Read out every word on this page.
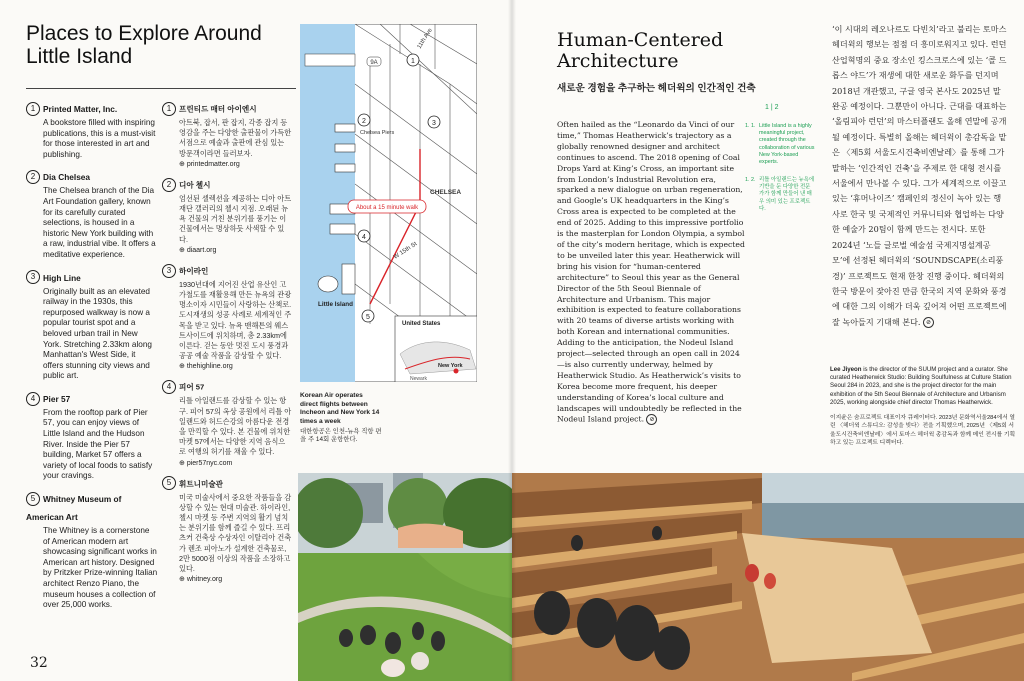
Places to Explore Around Little Island
1 Printed Matter, Inc.
A bookstore filled with inspiring publications, this is a must-visit for those interested in art and publishing.
2 Dia Chelsea
The Chelsea branch of the Dia Art Foundation gallery, known for its carefully curated selections, is housed in a historic New York building with a raw, industrial vibe. It offers a meditative experience.
3 High Line
Originally built as an elevated railway in the 1930s, this repurposed walkway is now a popular tourist spot and a beloved urban trail in New York. Stretching 2.33km along Manhattan's West Side, it offers stunning city views and public art.
4 Pier 57
From the rooftop park of Pier 57, you can enjoy views of Little Island and the Hudson River. Inside the Pier 57 building, Market 57 offers a variety of local foods to satisfy your cravings.
5 Whitney Museum of American Art
The Whitney is a cornerstone of American modern art showcasing significant works in American art history. Designed by Pritzker Prize-winning Italian architect Renzo Piano, the museum houses a collection of over 25,000 works.
1 프린티드 매터 아이엔시
아트북, 잡서, 판 잡지, 각종 잡지 등 영감을 주는 다양한 출판물이 가득한 서점으로 예술과 출판에 관심 있는 방문객이라면 들러보자.
⊕ printedmatter.org
2 디아 첼시
엄선된 셀렉션을 제공하는 디아 아트 재단 갤러리의 첼시 지점. 오래된 뉴욕 건물의 거친 분위기를 풍기는 이 건물에서는 명상하듯 사색할 수 있다.
⊕ diaart.org
3 하이라인
1930년대에 지어진 산업 유산인 고가철도를 재활용해 만든 뉴욕의 관광 명소이자 시민들이 사랑하는 산책로. 도시재생의 성공 사례로 세계적인 주목을 받고 있다. 뉴욕 맨해튼의 웨스트사이드에 위치하며, 총 2.33km에 이른다. 걷는 동안 멋진 도시 풍경과 공공 예술 작품을 감상할 수 있다.
⊕ thehighline.org
4 피어 57
리틀 아일랜드를 감상할 수 있는 항구. 피어 57의 옥상 공원에서 리틀 아일랜드와 허드슨강의 아름다운 전경을 만끽할 수 있다. 본 건물에 위치한 마켓 57에서는 다양한 지역 음식으로 여행의 허기를 채울 수 있다.
⊕ pier57nyc.com
5 휘트니미술관
미국 미술사에서 중요한 작품들을 감상할 수 있는 현대 미술관. 하이라인, 첼시 마켓 등 주변 지역의 활기 넘치는 분위기를 함께 즐길 수 있다. 프리츠커 건축상 수상자인 이탈리아 건축가 렌조 피아노가 설계한 건축물로, 2만 5000점 이상의 작품을 소장하고 있다.
⊕ whitney.org
About a 15 minute walk
11th Ave
9A
Chelsea Piers
CHELSEA
W 15th St
Little Island
1
2	3
4
5
United States
New York
Newark
Korean Air operates direct flights between Incheon and New York 14 times a week
대한항공은 인천-뉴욕 직항 편을 주 14회 운항한다.
32
Human-Centered
Architecture
새로운 경험을 추구하는 헤더윅의 인간적인 건축
Often hailed as the “Leonardo da Vinci of our time,” Thomas Heatherwick’s trajectory as a globally renowned designer and architect continues to ascend. The 2018 opening of Coal Drops Yard at King’s Cross, an important site from London’s Industrial Revolution era, sparked a new dialogue on urban regeneration, and Google’s UK headquarters in the King’s Cross area is expected to be completed at the end of 2025. Adding to this impressive portfolio is the masterplan for London Olympia, a symbol of the city’s modern heritage, which is expected to be unveiled later this year. Heatherwick will bring his vision for “human-centered architecture” to Seoul this year as the General Director of the 5th Seoul Biennale of Architecture and Urbanism. This major exhibition is expected to feature collaborations with 20 teams of diverse artists working with both Korean and international communities. Adding to the anticipation, the Nodeul Island project—selected through an open call in 2024—is also currently underway, helmed by Heatherwick Studio. As Heatherwick’s visits to Korea become more frequent, his deeper understanding of Korea’s local culture and landscapes will undoubtedly be reflected in the Nodeul Island project. ⊘
1 | 2
1. 1. Little Island is a highly meaningful project, created through the collaboration of various New York-based experts.
1. 2. 리틀 아일랜드는 뉴욕에 기반을 둔 다양한 전문가가 함께 만들어 낸 매우 의미 있는 프로젝트다.
‘이 시대의 레오나르도 다빈치’라고 불리는 토마스 헤더윅의 행보는 점점 더 흥미로워지고 있다. 런던 산업혁명의 중요 장소인 킹스크로스에 있는 ‘콜 드롭스 야드’가 재생에 대한 새로운 화두를 던지며 2018년 개관했고, 구글 영국 본사도 2025년 말 완공 예정이다. 그뿐만이 아니다. 근대를 대표하는 ‘올림피아 런던’의 마스터플랜도 올해 연말에 공개될 예정이다. 특별히 올해는 헤더윅이 총감독을 맡은 〈제5회 서울도시건축비엔날레〉를 통해 그가 말하는 ‘인간적인 건축’을 주제로 한 대형 전시를 서울에서 만나볼 수 있다. 그가 세계적으로 이끌고 있는 ‘휴머나이즈’ 캠페인의 정신이 녹아 있는 행사로 한국 및 국제적인 커뮤니티와 협업하는 다양한 예술가 20팀이 함께 만드는 전시다. 또한 2024년 ‘노들 글로벌 예술섬 국제지명설계공모’에 선정된 헤더윅의 ‘SOUNDSCAPE(소리풍경)’ 프로젝트도 현재 한창 진행 중이다. 헤더윅의 한국 방문이 잦아진 만큼 한국의 지역 문화와 풍경에 대한 그의 이해가 더욱 깊어져 어떤 프로젝트에 잘 녹아들지 기대해 본다. ⊘
Lee Jiyeon is the director of the SUUM project and a curator. She curated Heatherwick Studio: Building Soulfulness at Culture Station Seoul 284 in 2023, and she is the project director for the main exhibition of the 5th Seoul Biennale of Architecture and Urbanism 2025, working alongside chief director Thomas Heatherwick.
이지윤은 숨프로젝트 대표이자 큐레이터다. 2023년 문화역서울284에서 열린 〈헤더윅 스튜디오: 감성을 빚다〉전을 기획했으며, 2025년 〈제5회 서울도시건축비엔날레〉에서 토마스 헤더윅 총감독과 함께 메인 전시를 기획하고 있는 프로젝트 디렉터다.
